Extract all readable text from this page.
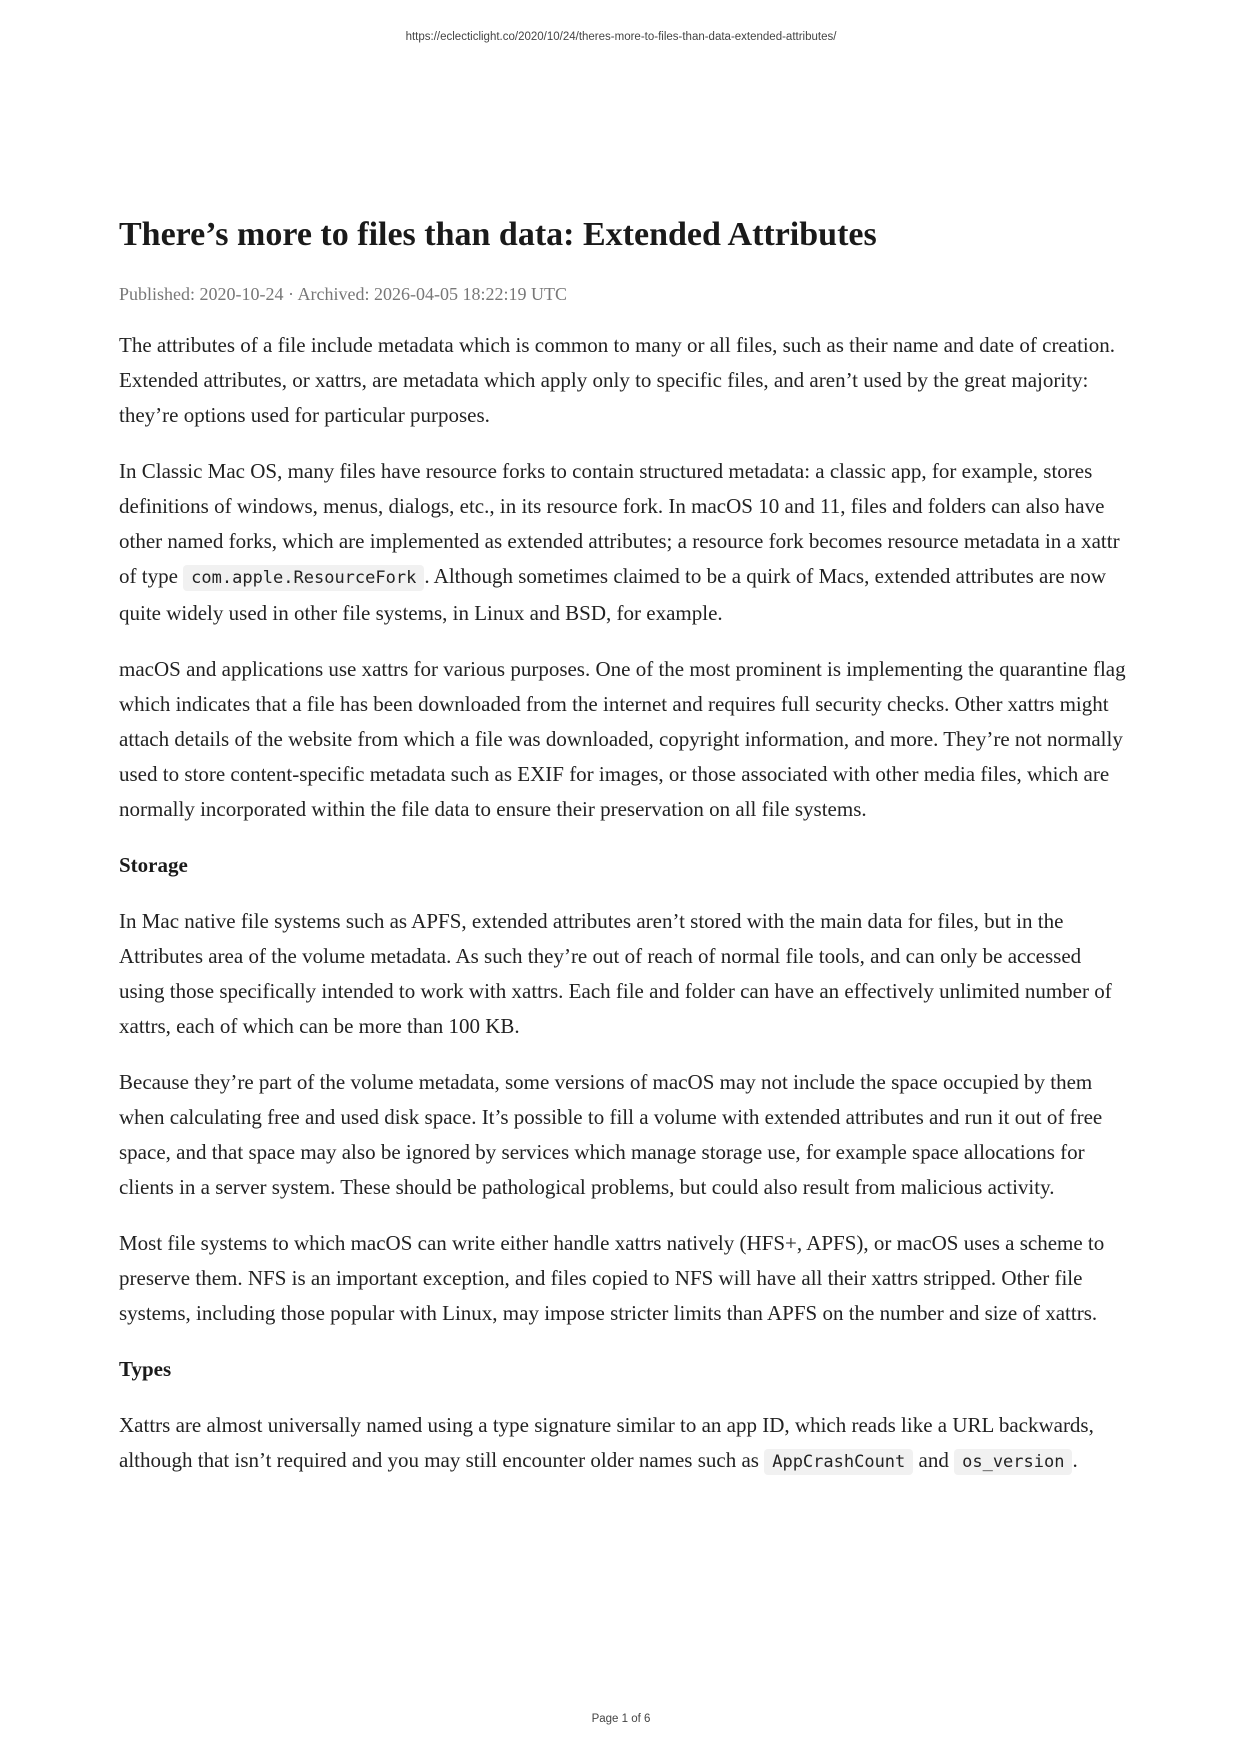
https://eclecticlight.co/2020/10/24/theres-more-to-files-than-data-extended-attributes/
There’s more to files than data: Extended Attributes
Published: 2020-10-24 · Archived: 2026-04-05 18:22:19 UTC

The attributes of a file include metadata which is common to many or all files, such as their name and date of creation. Extended attributes, or xattrs, are metadata which apply only to specific files, and aren’t used by the great majority: they’re options used for particular purposes.

In Classic Mac OS, many files have resource forks to contain structured metadata: a classic app, for example, stores definitions of windows, menus, dialogs, etc., in its resource fork. In macOS 10 and 11, files and folders can also have other named forks, which are implemented as extended attributes; a resource fork becomes resource metadata in a xattr of type com.apple.ResourceFork . Although sometimes claimed to be a quirk of Macs, extended attributes are now quite widely used in other file systems, in Linux and BSD, for example.

macOS and applications use xattrs for various purposes. One of the most prominent is implementing the quarantine flag which indicates that a file has been downloaded from the internet and requires full security checks. Other xattrs might attach details of the website from which a file was downloaded, copyright information, and more. They’re not normally used to store content-specific metadata such as EXIF for images, or those associated with other media files, which are normally incorporated within the file data to ensure their preservation on all file systems.

Storage

In Mac native file systems such as APFS, extended attributes aren’t stored with the main data for files, but in the Attributes area of the volume metadata. As such they’re out of reach of normal file tools, and can only be accessed using those specifically intended to work with xattrs. Each file and folder can have an effectively unlimited number of xattrs, each of which can be more than 100 KB.

Because they’re part of the volume metadata, some versions of macOS may not include the space occupied by them when calculating free and used disk space. It’s possible to fill a volume with extended attributes and run it out of free space, and that space may also be ignored by services which manage storage use, for example space allocations for clients in a server system. These should be pathological problems, but could also result from malicious activity.

Most file systems to which macOS can write either handle xattrs natively (HFS+, APFS), or macOS uses a scheme to preserve them. NFS is an important exception, and files copied to NFS will have all their xattrs stripped. Other file systems, including those popular with Linux, may impose stricter limits than APFS on the number and size of xattrs.

Types

Xattrs are almost universally named using a type signature similar to an app ID, which reads like a URL backwards, although that isn’t required and you may still encounter older names such as AppCrashCount and os_version .

Page 1 of 6
